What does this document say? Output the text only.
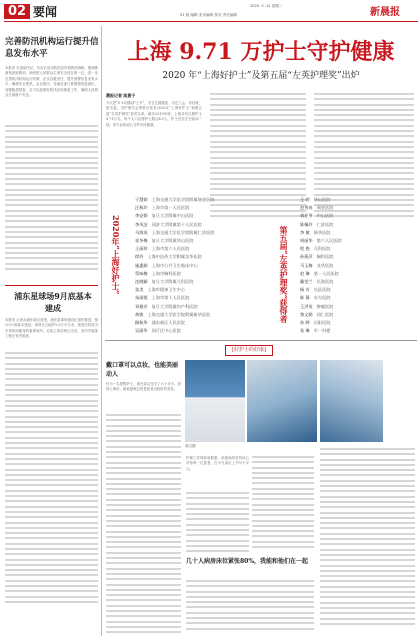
02 要闻	2020. 5. 12 星期二
01 版 编辑 美术编辑 校对 责任编辑	新晨报
完善防汛机构运行提升信息发布水平
本报讯 市委副书记、代市长赴市防汛抗旱指挥部调研，强调要深刻汲取教训，始终把人民群众生命安全放在第一位，进一步完善防汛机构运行机制，压实各级责任，提升预警信息发布水平，确保安全度汛。会议指出，各地各部门要增强忧患意识，加强隐患排查，全力以赴做好防汛各项准备工作，确保人民群众生命财产安全。
浦东星球场9月底基本建成
本报讯 记者从浦东新区获悉，浦东星球场建设正加快推进，预计9月底基本建成。该项目占地约1.5万平方米，建成后将成为市民休闲健身的重要场所。目前主体结构已完成，室内外装饰工程正有序推进。
上海 9.71 万护士守护健康
2020 年“上海好护士”及第五届“左英护理奖”出炉
晨报记者 陈意子
今天是“5·12国际护士节”，市卫生健康委、市总工会、市妇联、团市委、市护理学会等联合发布2020年“上海好护士”和第五届“左英护理奖”获奖名单。截至2019年底，上海共有注册护士9.71万名，每千人口注册护士数达4.0人。护士们坚守在临床一线，用专业和爱心守护市民健康。
2020年“上海好护士”
于慧娟 上海交通大学医学院附属瑞金医院
汪秋玲 上海市第一人民医院
李安娟 复旦大学附属中山医院
李凤芝 同济大学附属第十人民医院
马海英 上海交通大学医学院附属仁济医院
张冬梅 复旦大学附属华山医院
王丽珍 上海市第六人民医院
徐玲 上海中医药大学附属龙华医院
施惠娟 上海市公共卫生临床中心
蔡咏梅 上海市胸科医院
沈晓颖 复旦大学附属儿科医院
张美 上海市精神卫生中心
朱丽霞 上海市第十人民医院
邓雅芳 复旦大学附属妇产科医院
黄敏 上海交通大学医学院附属新华医院
顾秋华 浦东新区人民医院
吴丽华 闵行区中心医院
第五届“左英护理奖”获得者
王 婷 华山医院
赵秀英 瑞金医院
刘亚琴 中山医院
陈佩玲 仁济医院
李 敏 新华医院
周丽华 第六人民医院
程 艳 儿科医院
孙燕萍 胸科医院
马玉梅 龙华医院
赵 琳 第一人民医院
戴雯兰 长海医院
杨 芳 长征医院
陈 静 东方医院
王洪英 肿瘤医院
黎文娟 同仁医院
孙 晔 岳阳医院
张 琳 市一妇婴
[好护士的好康]
戴口罩可以点妆，也能美丽动人
作为一名援鄂护士，她在武汉坚守了六十多天。回到上海后，她说最难忘的是患者出院时的笑容。
周文摄
护理工作琐碎而繁重，但她始终坚持用心对待每一位患者，在平凡岗位上书写不平凡。
几十人病房床位紧张80%，我能和他们在一起
